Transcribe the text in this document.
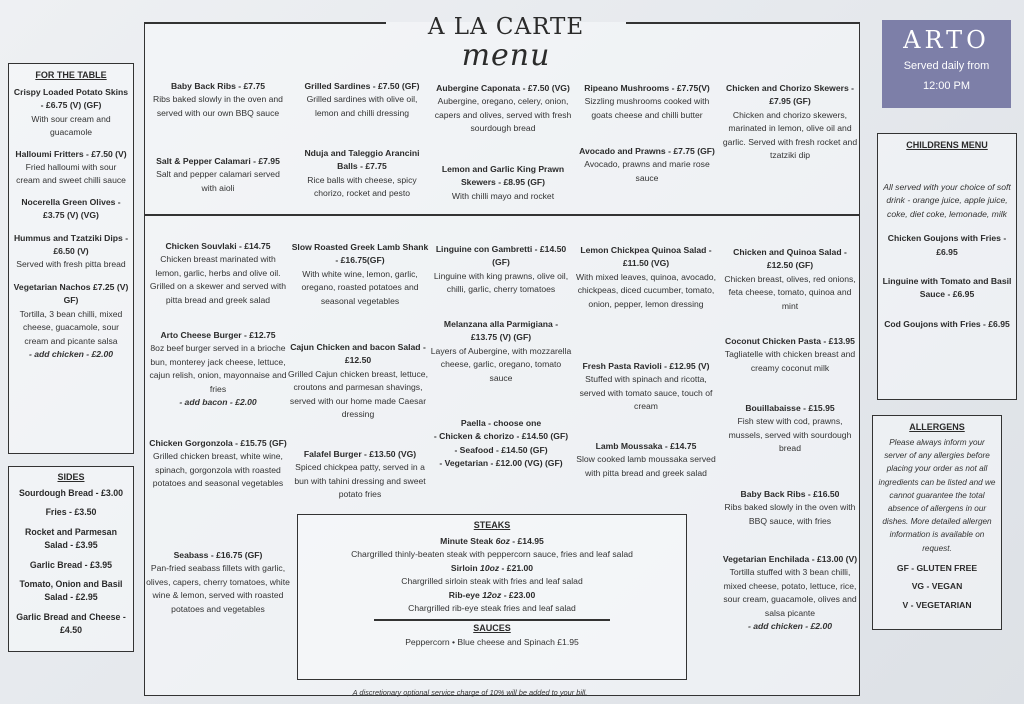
A LA CARTE
menu	ARTO
Served daily from
12:00 PM
FOR THE TABLE
Crispy Loaded Potato Skins - £6.75 (V) (GF)
With sour cream and guacamole
Halloumi Fritters - £7.50 (V)
Fried halloumi with sour cream and sweet chilli sauce
Nocerella Green Olives - £3.75 (V) (VG)
Hummus and Tzatziki Dips - £6.50 (V)
Served with fresh pitta bread
Vegetarian Nachos £7.25 (V) GF)
Tortilla, 3 bean chilli, mixed cheese, guacamole, sour cream and picante salsa
- add chicken - £2.00
SIDES
Sourdough Bread - £3.00
Fries - £3.50
Rocket and Parmesan Salad - £3.95
Garlic Bread - £3.95
Tomato, Onion and Basil Salad - £2.95
Garlic Bread and Cheese - £4.50
Baby Back Ribs - £7.75
Ribs baked slowly in the oven and served with our own BBQ sauce
Salt & Pepper Calamari - £7.95
Salt and pepper calamari served with aioli
Grilled Sardines - £7.50 (GF)
Grilled sardines with olive oil, lemon and chilli dressing
Nduja and Taleggio Arancini Balls - £7.75
Rice balls with cheese, spicy chorizo, rocket and pesto
Aubergine Caponata - £7.50 (VG)
Aubergine, oregano, celery, onion, capers and olives, served with fresh sourdough bread
Lemon and Garlic King Prawn Skewers - £8.95 (GF)
With chilli mayo and rocket
Ripeano Mushrooms - £7.75(V)
Sizzling mushrooms cooked with goats cheese and chilli butter
Avocado and Prawns - £7.75 (GF)
Avocado, prawns and marie rose sauce
Chicken and Chorizo Skewers - £7.95 (GF)
Chicken and chorizo skewers, marinated in lemon, olive oil and garlic. Served with fresh rocket and tzatziki dip
Chicken Souvlaki - £14.75
Chicken breast marinated with lemon, garlic, herbs and olive oil. Grilled on a skewer and served with pitta bread and greek salad
Arto Cheese Burger - £12.75
8oz beef burger served in a brioche bun, monterey jack cheese, lettuce, cajun relish, onion, mayonnaise and fries
- add bacon - £2.00
Chicken Gorgonzola - £15.75 (GF)
Grilled chicken breast, white wine, spinach, gorgonzola with roasted potatoes and seasonal vegetables
Seabass - £16.75 (GF)
Pan-fried seabass fillets with garlic, olives, capers, cherry tomatoes, white wine & lemon, served with roasted potatoes and vegetables
Slow Roasted Greek Lamb Shank - £16.75(GF)
With white wine, lemon, garlic, oregano, roasted potatoes and seasonal vegetables
Cajun Chicken and bacon Salad - £12.50
Grilled Cajun chicken breast, lettuce, croutons and parmesan shavings, served with our home made Caesar dressing
Falafel Burger - £13.50 (VG)
Spiced chickpea patty, served in a bun with tahini dressing and sweet potato fries
Linguine con Gambretti - £14.50 (GF)
Linguine with king prawns, olive oil, chilli, garlic, cherry tomatoes
Melanzana alla Parmigiana - £13.75 (V) (GF)
Layers of Aubergine, with mozzarella cheese, garlic, oregano, tomato sauce
Paella - choose one
- Chicken & chorizo - £14.50 (GF)
- Seafood - £14.50 (GF)
- Vegetarian - £12.00 (VG) (GF)
Lemon Chickpea Quinoa Salad - £11.50 (VG)
With mixed leaves, quinoa, avocado, chickpeas, diced cucumber, tomato, onion, pepper, lemon dressing
Fresh Pasta Ravioli - £12.95 (V)
Stuffed with spinach and ricotta, served with tomato sauce, touch of cream
Lamb Moussaka - £14.75
Slow cooked lamb moussaka served with pitta bread and greek salad
Chicken and Quinoa Salad - £12.50 (GF)
Chicken breast, olives, red onions, feta cheese, tomato, quinoa and mint
Coconut Chicken Pasta - £13.95
Tagliatelle with chicken breast and creamy coconut milk
Bouillabaisse - £15.95
Fish stew with cod, prawns, mussels, served with sourdough bread
Baby Back Ribs - £16.50
Ribs baked slowly in the oven with BBQ sauce, with fries
Vegetarian Enchilada - £13.00 (V)
Tortilla stuffed with 3 bean chilli, mixed cheese, potato, lettuce, rice, sour cream, guacamole, olives and salsa picante
- add chicken - £2.00
STEAKS
Minute Steak 6oz - £14.95
Chargrilled thinly-beaten steak with peppercorn sauce, fries and leaf salad
Sirloin 10oz - £21.00
Chargrilled sirloin steak with fries and leaf salad
Rib-eye 12oz - £23.00
Chargrilled rib-eye steak fries and leaf salad
SAUCES
Peppercorn • Blue cheese and Spinach £1.95
A discretionary optional service charge of 10% will be added to your bill.
CHILDRENS MENU
All served with your choice of soft drink - orange juice, apple juice, coke, diet coke, lemonade, milk
Chicken Goujons with Fries - £6.95
Linguine with Tomato and Basil Sauce - £6.95
Cod Goujons with Fries - £6.95
ALLERGENS
Please always inform your server of any allergies before placing your order as not all ingredients can be listed and we cannot guarantee the total absence of allergens in our dishes. More detailed allergen information is available on request.
GF - GLUTEN FREE
VG - VEGAN
V - VEGETARIAN
